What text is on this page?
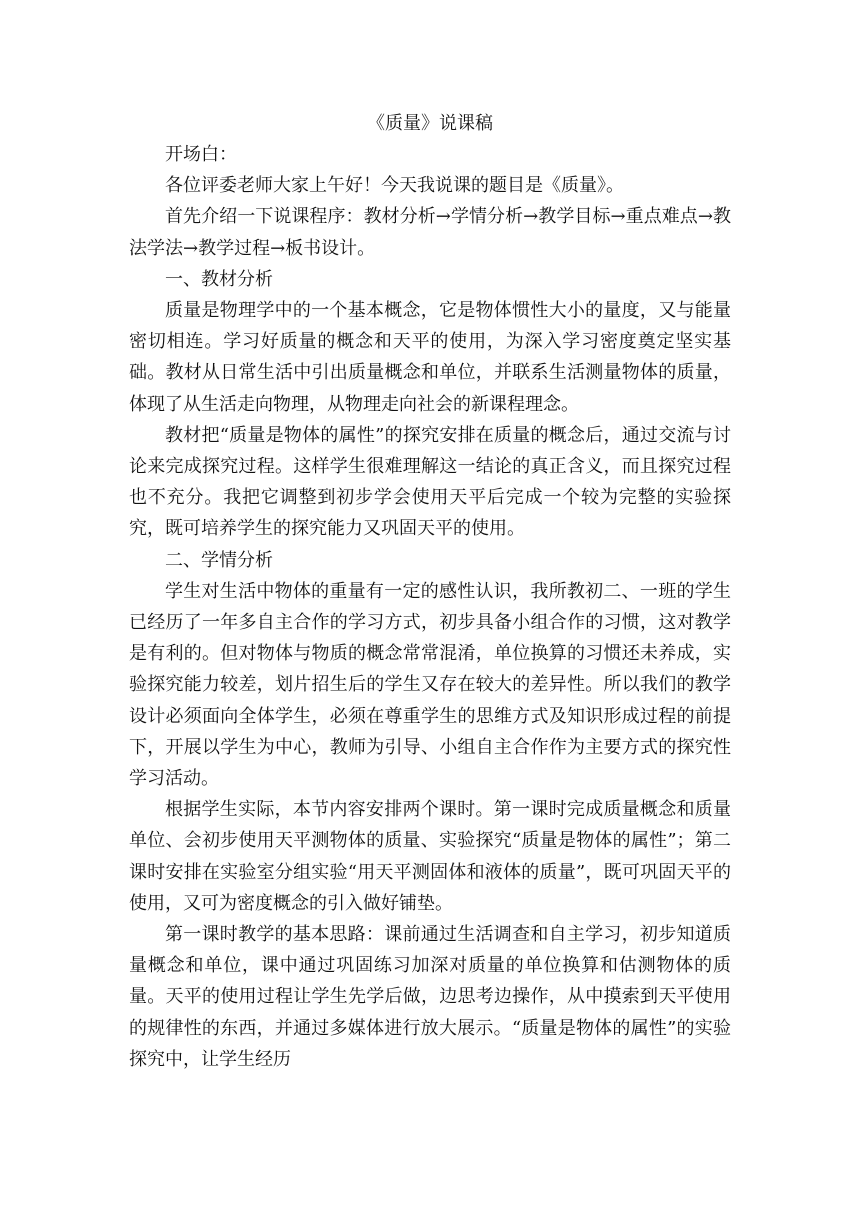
《质量》说课稿

开场白：

各位评委老师大家上午好！今天我说课的题目是《质量》。

首先介绍一下说课程序：教材分析→学情分析→教学目标→重点难点→教法学法→教学过程→板书设计。

一、教材分析

质量是物理学中的一个基本概念，它是物体惯性大小的量度，又与能量密切相连。学习好质量的概念和天平的使用，为深入学习密度奠定坚实基础。教材从日常生活中引出质量概念和单位，并联系生活测量物体的质量，体现了从生活走向物理，从物理走向社会的新课程理念。

教材把“质量是物体的属性”的探究安排在质量的概念后，通过交流与讨论来完成探究过程。这样学生很难理解这一结论的真正含义，而且探究过程也不充分。我把它调整到初步学会使用天平后完成一个较为完整的实验探究，既可培养学生的探究能力又巩固天平的使用。

二、学情分析

学生对生活中物体的重量有一定的感性认识，我所教初二、一班的学生已经历了一年多自主合作的学习方式，初步具备小组合作的习惯，这对教学是有利的。但对物体与物质的概念常常混淆，单位换算的习惯还未养成，实验探究能力较差，划片招生后的学生又存在较大的差异性。所以我们的教学设计必须面向全体学生，必须在尊重学生的思维方式及知识形成过程的前提下，开展以学生为中心，教师为引导、小组自主合作作为主要方式的探究性学习活动。

根据学生实际，本节内容安排两个课时。第一课时完成质量概念和质量单位、会初步使用天平测物体的质量、实验探究“质量是物体的属性”；第二课时安排在实验室分组实验“用天平测固体和液体的质量”，既可巩固天平的使用，又可为密度概念的引入做好铺垫。

第一课时教学的基本思路：课前通过生活调查和自主学习，初步知道质量概念和单位，课中通过巩固练习加深对质量的单位换算和估测物体的质量。天平的使用过程让学生先学后做，边思考边操作，从中摸索到天平使用的规律性的东西，并通过多媒体进行放大展示。“质量是物体的属性”的实验探究中，让学生经历
